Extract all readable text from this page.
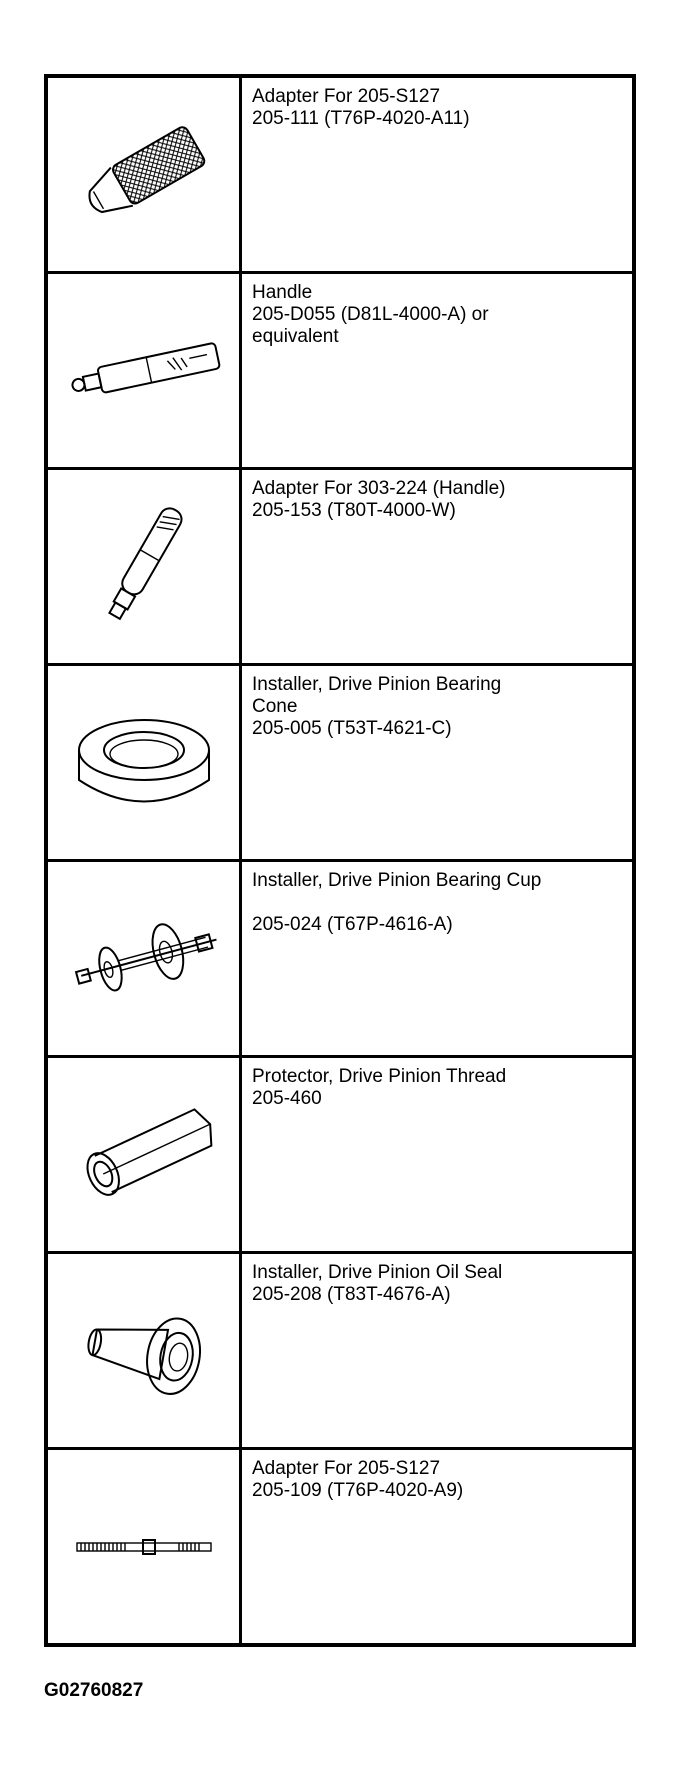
Adapter For 205-S127
205-111 (T76P-4020-A11)
Handle
205-D055 (D81L-4000-A) or
equivalent
Adapter For 303-224 (Handle)
205-153 (T80T-4000-W)
Installer, Drive Pinion Bearing
Cone
205-005 (T53T-4621-C)
Installer, Drive Pinion Bearing Cup

205-024 (T67P-4616-A)
Protector, Drive Pinion Thread
205-460
Installer, Drive Pinion Oil Seal
205-208 (T83T-4676-A)
Adapter For 205-S127
205-109 (T76P-4020-A9)
G02760827
